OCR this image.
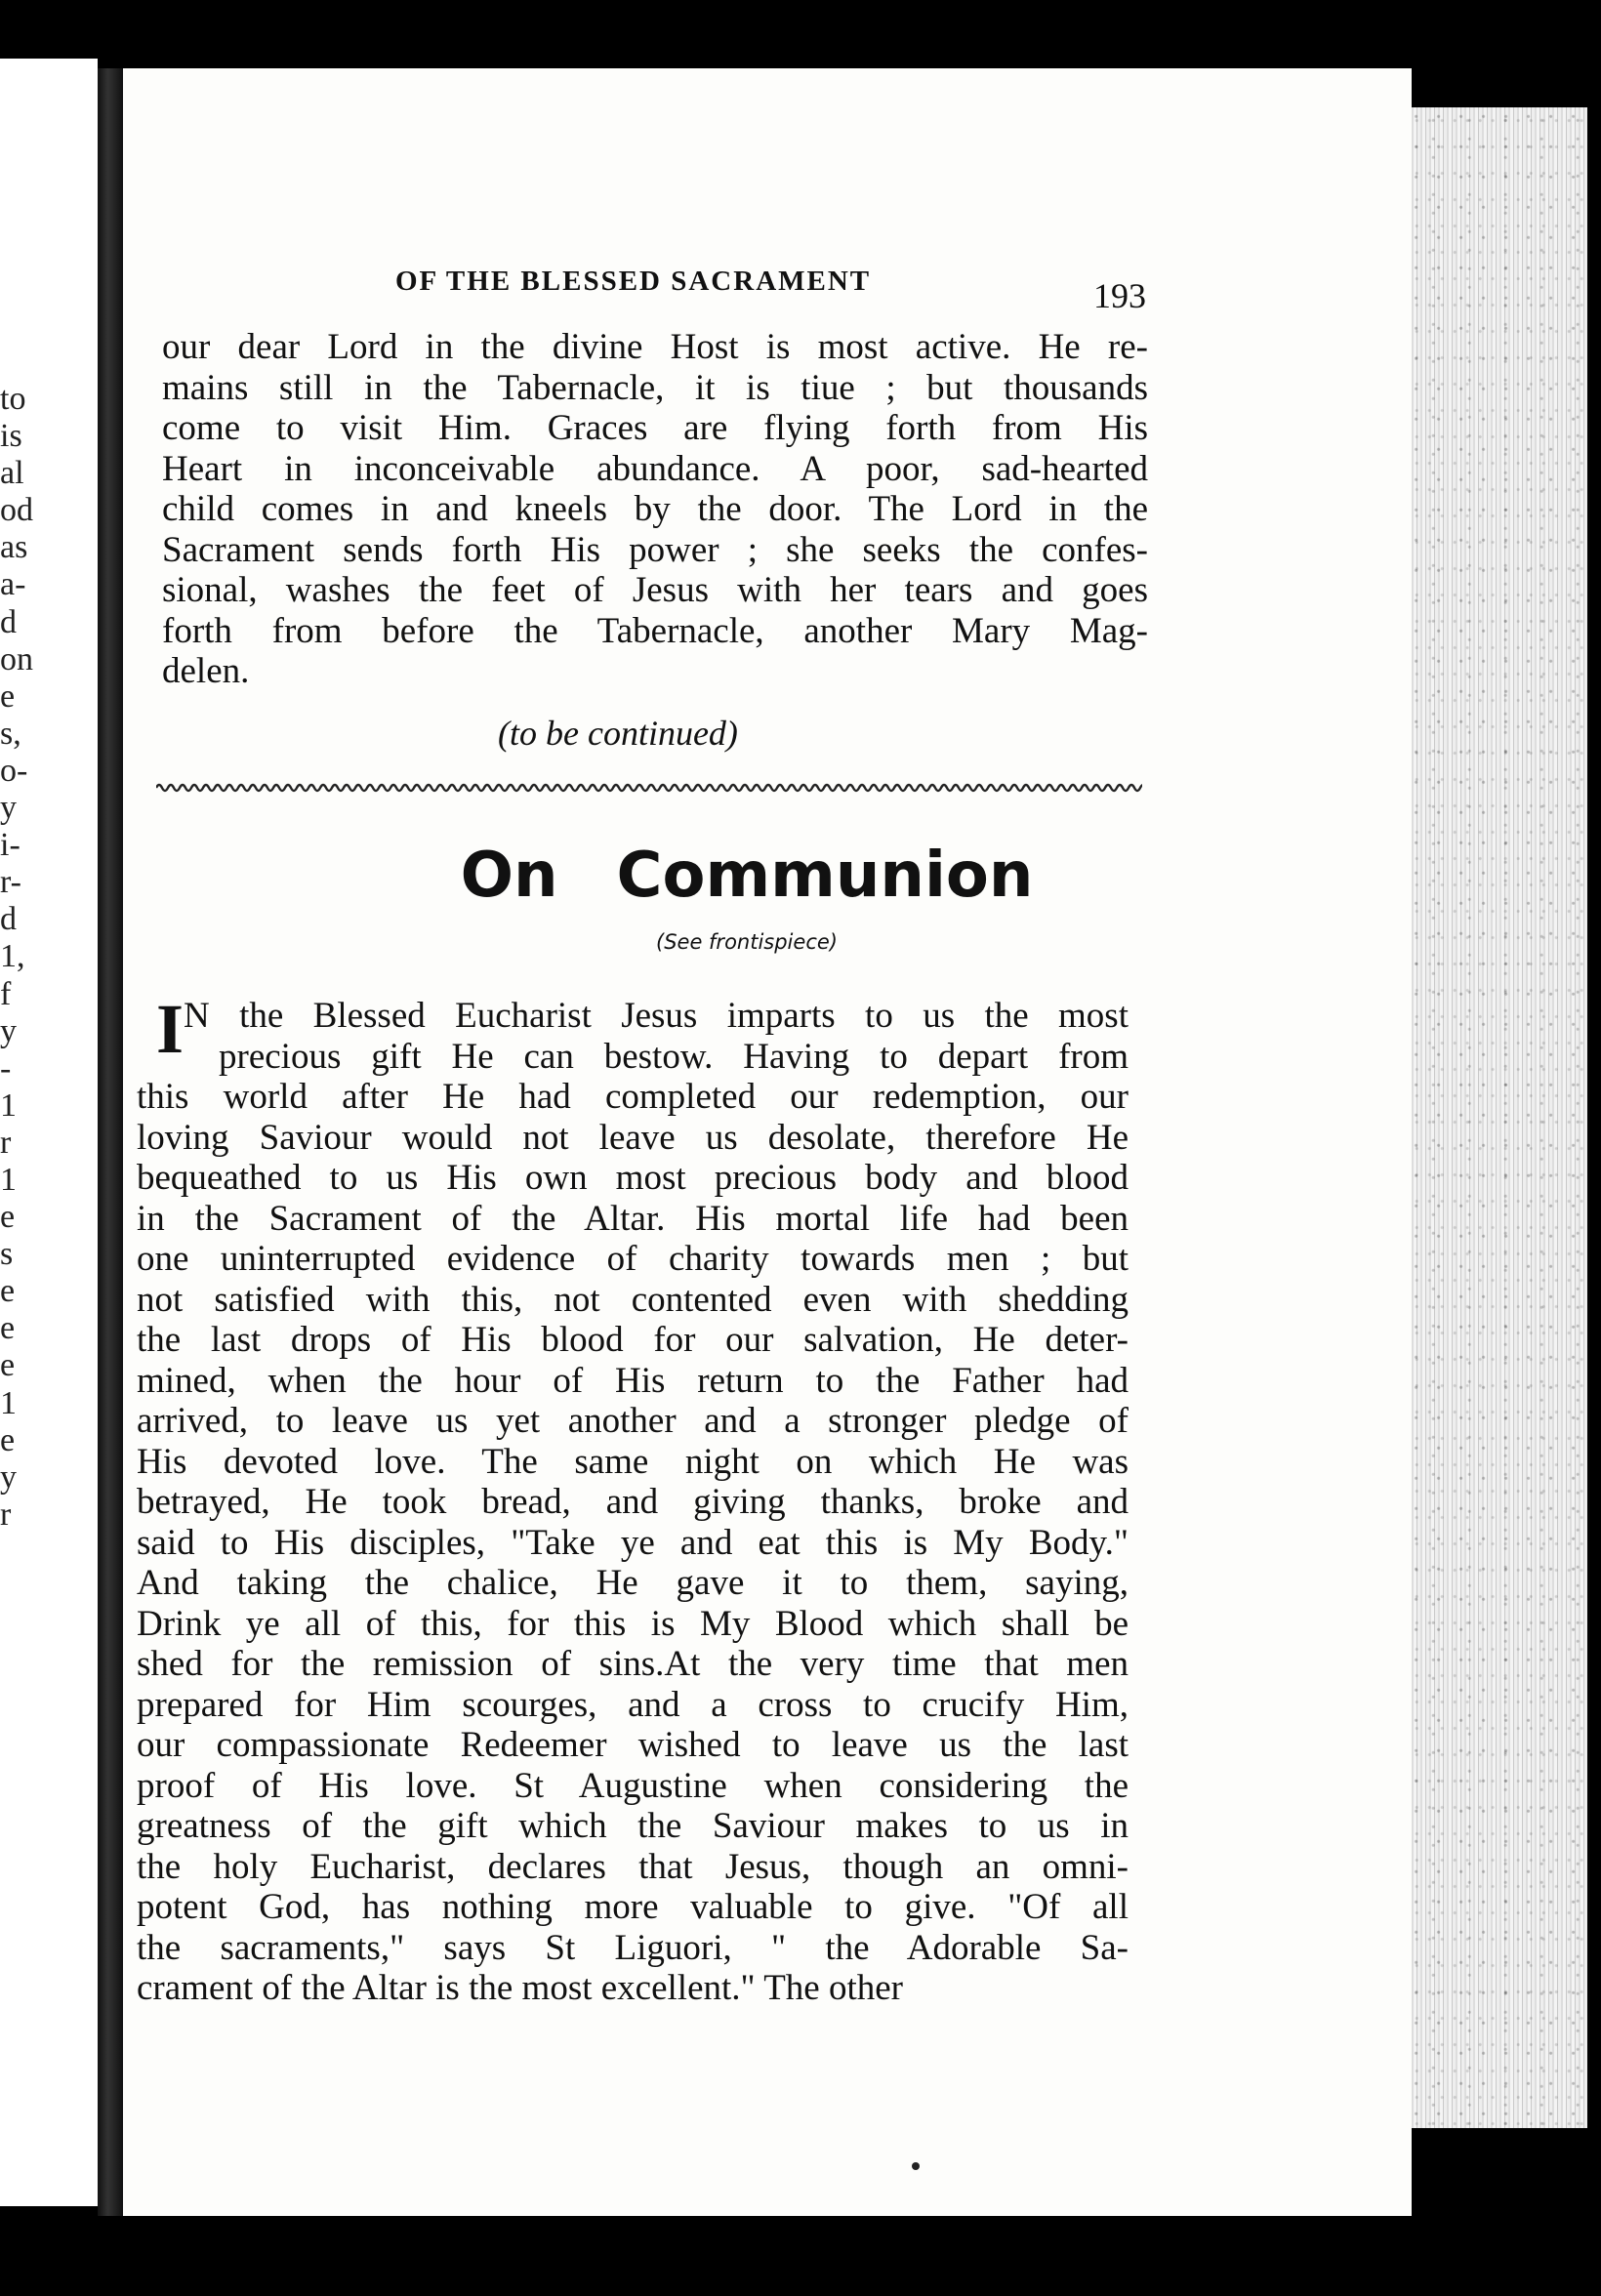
to
is
al
od
as
a-
d
on
e
s,
o-
y
i-
r-
d
1,
f
y
-
1
r
1
e
s
e
e
e
1
e
y
r
OF THE BLESSED SACRAMENT	193
our dear Lord in the divine Host is most active. He re-
mains still in the Tabernacle, it is tiue ; but thousands
come to visit Him. Graces are flying forth from His
Heart in inconceivable abundance. A poor, sad-hearted
child comes in and kneels by the door. The Lord in the
Sacrament sends forth His power ; she seeks the confes-
sional, washes the feet of Jesus with her tears and goes
forth from before the Tabernacle, another Mary Mag-
delen.
(to be continued)
On Communion
(See frontispiece)
I N the Blessed Eucharist Jesus imparts to us the most
precious gift He can bestow. Having to depart from
this world after He had completed our redemption, our
loving Saviour would not leave us desolate, therefore He
bequeathed to us His own most precious body and blood
in the Sacrament of the Altar. His mortal life had been
one uninterrupted evidence of charity towards men ; but
not satisfied with this, not contented even with shedding
the last drops of His blood for our salvation, He deter-
mined, when the hour of His return to the Father had
arrived, to leave us yet another and a stronger pledge of
His devoted love. The same night on which He was
betrayed, He took bread, and giving thanks, broke and
said to His disciples, "Take ye and eat this is My Body."
And taking the chalice, He gave it to them, saying,
Drink ye all of this, for this is My Blood which shall be
shed for the remission of sins.At the very time that men
prepared for Him scourges, and a cross to crucify Him,
our compassionate Redeemer wished to leave us the last
proof of His love. St Augustine when considering the
greatness of the gift which the Saviour makes to us in
the holy Eucharist, declares that Jesus, though an omni-
potent God, has nothing more valuable to give. "Of all
the sacraments," says St Liguori, " the Adorable Sa-
crament of the Altar is the most excellent." The other
